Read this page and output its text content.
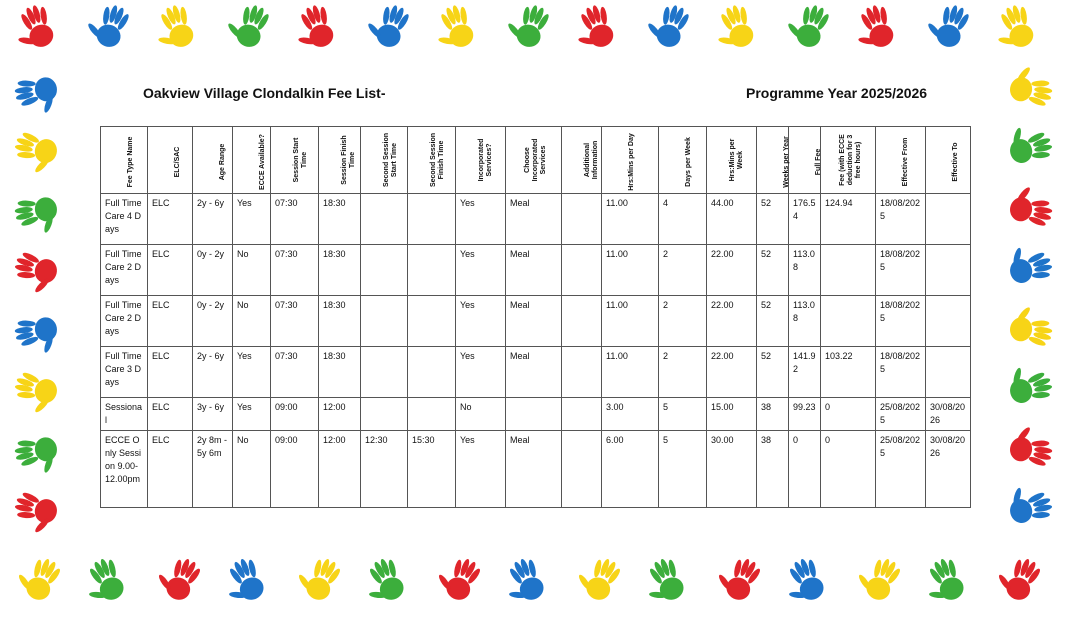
Oakview Village Clondalkin Fee List-	Programme Year 2025/2026
Fee Type Name	ELC/SAC	Age Range	ECCE Available?	Session Start Time	Session Finish Time	Second Session Start Time	Second Session Finish Time	Incorporated Services?	Choose Incorporated Services	Additional Information	Hrs:Mins per Day	Days per Week	Hrs:Mins per Week	Weeks per Year	Full Fee	Fee (with ECCE deduction for 3 free hours)	Effective From	Effective To
Full Time Care 4 Days	ELC	2y - 6y	Yes	07:30	18:30			Yes	Meal		11.00	4	44.00	52	176.54	124.94	18/08/2025	
Full Time Care 2 Days	ELC	0y - 2y	No	07:30	18:30			Yes	Meal		11.00	2	22.00	52	113.08		18/08/2025	
Full Time Care 2 Days	ELC	0y - 2y	No	07:30	18:30			Yes	Meal		11.00	2	22.00	52	113.08		18/08/2025	
Full Time Care 3 Days	ELC	2y - 6y	Yes	07:30	18:30			Yes	Meal		11.00	2	22.00	52	141.92	103.22	18/08/2025	
Sessional	ELC	3y - 6y	Yes	09:00	12:00			No			3.00	5	15.00	38	99.23	0	25/08/2025	30/08/2026
ECCE Only Session 9.00-12.00pm	ELC	2y 8m - 5y 6m	No	09:00	12:00	12:30	15:30	Yes	Meal		6.00	5	30.00	38	0	0	25/08/2025	30/08/2026
